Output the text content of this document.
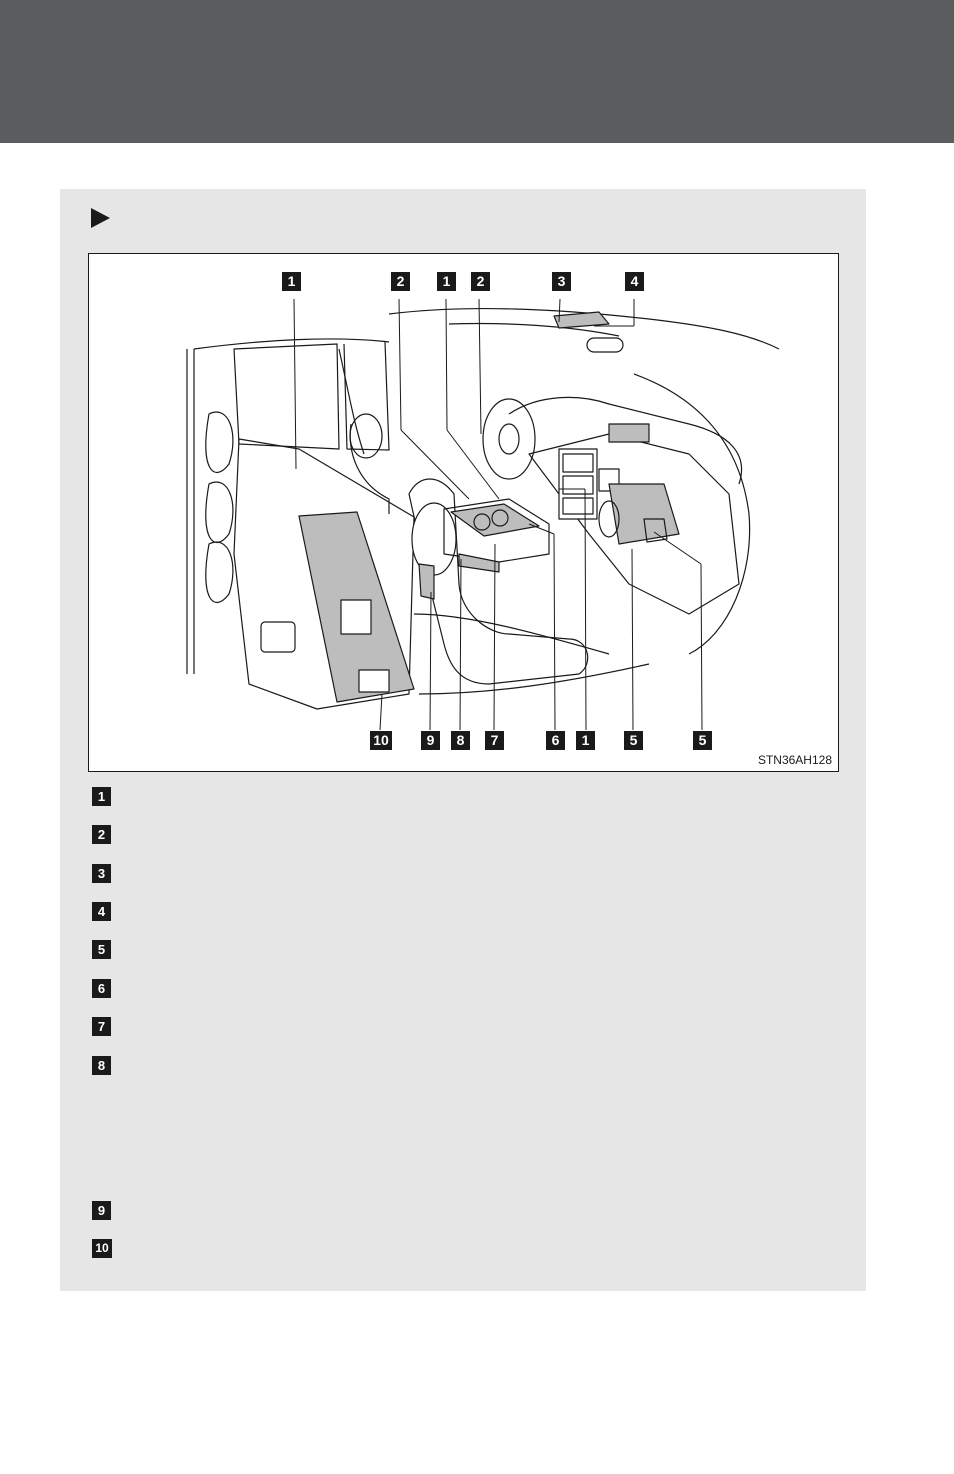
1	2	1	2	3	4
10	9	8	7	6	1	5	5
STN36AH128
1
2
3
4
5
6
7
8
9
10
